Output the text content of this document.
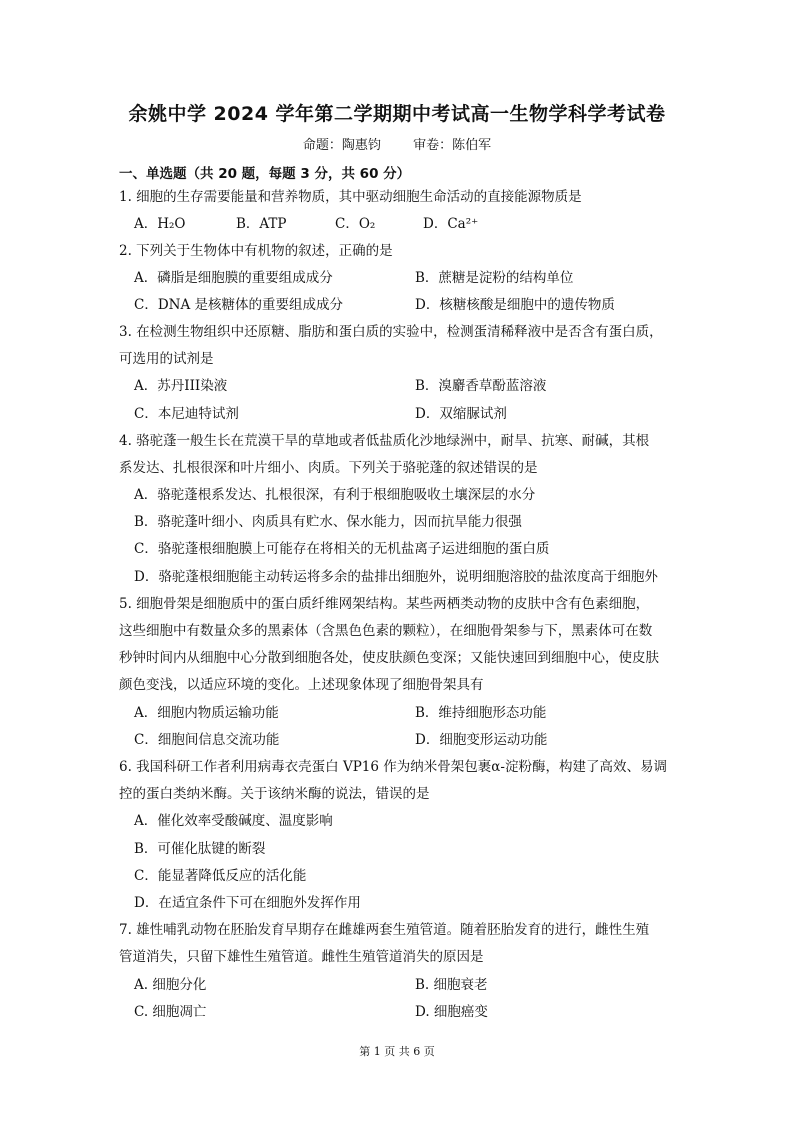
余姚中学 2024 学年第二学期期中考试高一生物学科学考试卷
命题：陶惠钧 审卷：陈伯军
一、单选题（共 20 题，每题 3 分，共 60 分）
1. 细胞的生存需要能量和营养物质，其中驱动细胞生命活动的直接能源物质是
A．H₂O	B．ATP	C．O₂	D．Ca²⁺
2. 下列关于生物体中有机物的叙述，正确的是
A．磷脂是细胞膜的重要组成成分	B．蔗糖是淀粉的结构单位
C．DNA 是核糖体的重要组成成分	D．核糖核酸是细胞中的遗传物质
3. 在检测生物组织中还原糖、脂肪和蛋白质的实验中，检测蛋清稀释液中是否含有蛋白质，
可选用的试剂是
A．苏丹III染液	B．溴麝香草酚蓝溶液
C．本尼迪特试剂	D．双缩脲试剂
4. 骆驼蓬一般生长在荒漠干旱的草地或者低盐质化沙地绿洲中，耐旱、抗寒、耐碱，其根
系发达、扎根很深和叶片细小、肉质。下列关于骆驼蓬的叙述错误的是
A．骆驼蓬根系发达、扎根很深，有利于根细胞吸收土壤深层的水分
B．骆驼蓬叶细小、肉质具有贮水、保水能力，因而抗旱能力很强
C．骆驼蓬根细胞膜上可能存在将相关的无机盐离子运进细胞的蛋白质
D．骆驼蓬根细胞能主动转运将多余的盐排出细胞外，说明细胞溶胶的盐浓度高于细胞外
5. 细胞骨架是细胞质中的蛋白质纤维网架结构。某些两栖类动物的皮肤中含有色素细胞，
这些细胞中有数量众多的黑素体（含黑色色素的颗粒），在细胞骨架参与下，黑素体可在数
秒钟时间内从细胞中心分散到细胞各处，使皮肤颜色变深；又能快速回到细胞中心，使皮肤
颜色变浅，以适应环境的变化。上述现象体现了细胞骨架具有
A．细胞内物质运输功能	B．维持细胞形态功能
C．细胞间信息交流功能	D．细胞变形运动功能
6. 我国科研工作者利用病毒衣壳蛋白 VP16 作为纳米骨架包裹α-淀粉酶，构建了高效、易调
控的蛋白类纳米酶。关于该纳米酶的说法，错误的是
A．催化效率受酸碱度、温度影响
B．可催化肽键的断裂
C．能显著降低反应的活化能
D．在适宜条件下可在细胞外发挥作用
7. 雄性哺乳动物在胚胎发育早期存在雌雄两套生殖管道。随着胚胎发育的进行，雌性生殖
管道消失，只留下雄性生殖管道。雌性生殖管道消失的原因是
A. 细胞分化	B. 细胞衰老
C. 细胞凋亡	D. 细胞癌变
第 1 页 共 6 页
